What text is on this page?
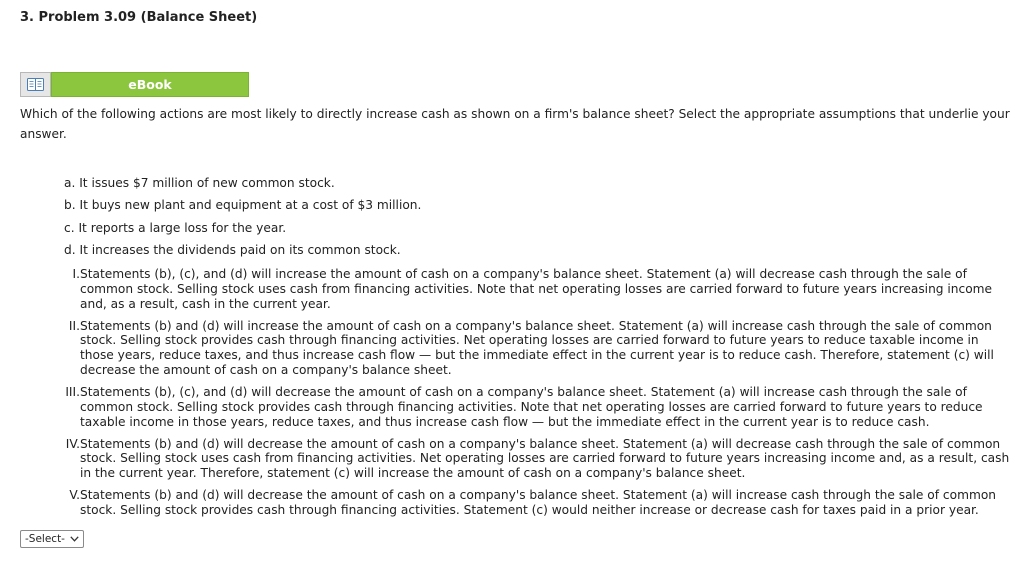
3. Problem 3.09 (Balance Sheet)
eBook
Which of the following actions are most likely to directly increase cash as shown on a firm's balance sheet? Select the appropriate assumptions that underlie your answer.
a. It issues $7 million of new common stock.
b. It buys new plant and equipment at a cost of $3 million.
c. It reports a large loss for the year.
d. It increases the dividends paid on its common stock.
I. Statements (b), (c), and (d) will increase the amount of cash on a company's balance sheet. Statement (a) will decrease cash through the sale of common stock. Selling stock uses cash from financing activities. Note that net operating losses are carried forward to future years increasing income and, as a result, cash in the current year.
II. Statements (b) and (d) will increase the amount of cash on a company's balance sheet. Statement (a) will increase cash through the sale of common stock. Selling stock provides cash through financing activities. Net operating losses are carried forward to future years to reduce taxable income in those years, reduce taxes, and thus increase cash flow — but the immediate effect in the current year is to reduce cash. Therefore, statement (c) will decrease the amount of cash on a company's balance sheet.
III. Statements (b), (c), and (d) will decrease the amount of cash on a company's balance sheet. Statement (a) will increase cash through the sale of common stock. Selling stock provides cash through financing activities. Note that net operating losses are carried forward to future years to reduce taxable income in those years, reduce taxes, and thus increase cash flow — but the immediate effect in the current year is to reduce cash.
IV. Statements (b) and (d) will decrease the amount of cash on a company's balance sheet. Statement (a) will decrease cash through the sale of common stock. Selling stock uses cash from financing activities. Net operating losses are carried forward to future years increasing income and, as a result, cash in the current year. Therefore, statement (c) will increase the amount of cash on a company's balance sheet.
V. Statements (b) and (d) will decrease the amount of cash on a company's balance sheet. Statement (a) will increase cash through the sale of common stock. Selling stock provides cash through financing activities. Statement (c) would neither increase or decrease cash for taxes paid in a prior year.
-Select-
